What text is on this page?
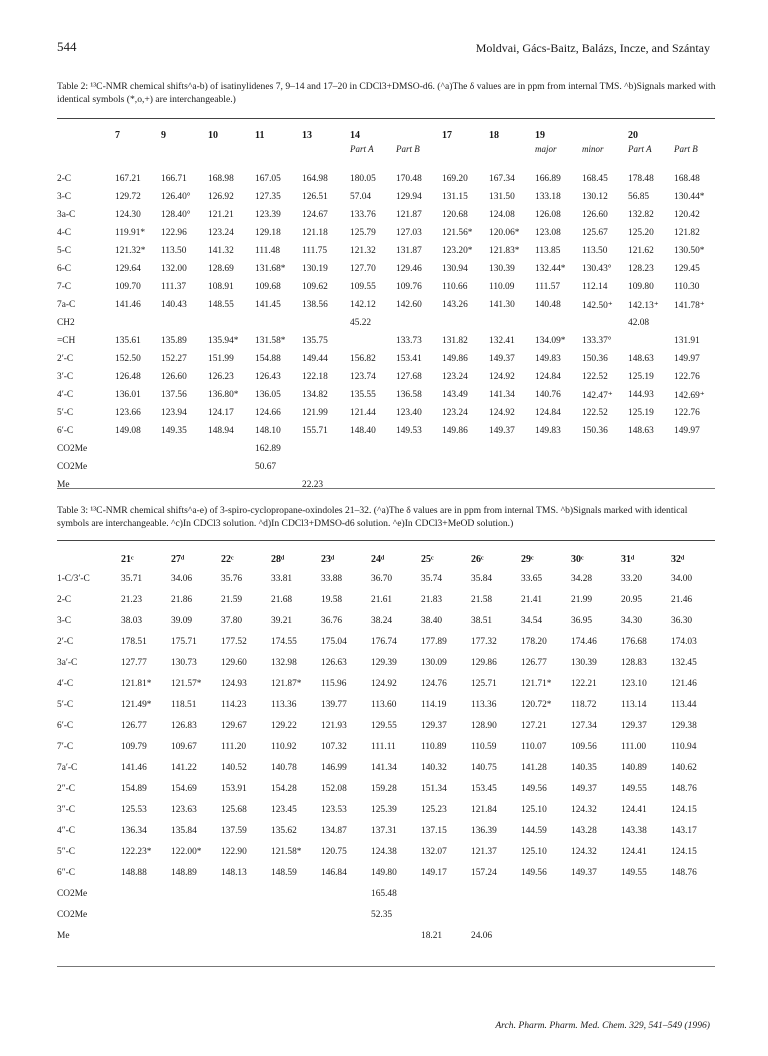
544	Moldvai, Gács-Baitz, Balázs, Incze, and Szántay
Table 2: ¹³C-NMR chemical shifts^a-b) of isatinylidenes 7, 9–14 and 17–20 in CDCl3+DMSO-d6. (^a)The δ values are in ppm from internal TMS. ^b)Signals marked with identical symbols (*,o,+) are interchangeable.)
	7	9	10	11	13	14		17	18	19		20	
						Part A	Part B			major	minor	Part A	Part B
2-C	167.21	166.71	168.98	167.05	164.98	180.05	170.48	169.20	167.34	166.89	168.45	178.48	168.48
3-C	129.72	126.40°	126.92	127.35	126.51	57.04	129.94	131.15	131.50	133.18	130.12	56.85	130.44*
3a-C	124.30	128.40°	121.21	123.39	124.67	133.76	121.87	120.68	124.08	126.08	126.60	132.82	120.42
4-C	119.91*	122.96	123.24	129.18	121.18	125.79	127.03	121.56*	120.06*	123.08	125.67	125.20	121.82
5-C	121.32*	113.50	141.32	111.48	111.75	121.32	131.87	123.20*	121.83*	113.85	113.50	121.62	130.50*
6-C	129.64	132.00	128.69	131.68*	130.19	127.70	129.46	130.94	130.39	132.44*	130.43°	128.23	129.45
7-C	109.70	111.37	108.91	109.68	109.62	109.55	109.76	110.66	110.09	111.57	112.14	109.80	110.30
7a-C	141.46	140.43	148.55	141.45	138.56	142.12	142.60	143.26	141.30	140.48	142.50⁺	142.13⁺	141.78⁺
CH2						45.22						42.08	
=CH	135.61	135.89	135.94*	131.58*	135.75		133.73	131.82	132.41	134.09*	133.37°		131.91
2′-C	152.50	152.27	151.99	154.88	149.44	156.82	153.41	149.86	149.37	149.83	150.36	148.63	149.97
3′-C	126.48	126.60	126.23	126.43	122.18	123.74	127.68	123.24	124.92	124.84	122.52	125.19	122.76
4′-C	136.01	137.56	136.80*	136.05	134.82	135.55	136.58	143.49	141.34	140.76	142.47⁺	144.93	142.69⁺
5′-C	123.66	123.94	124.17	124.66	121.99	121.44	123.40	123.24	124.92	124.84	122.52	125.19	122.76
6′-C	149.08	149.35	148.94	148.10	155.71	148.40	149.53	149.86	149.37	149.83	150.36	148.63	149.97
CO2Me				162.89									
CO2Me				50.67									
Me					22.23								
Table 3: ¹³C-NMR chemical shifts^a-e) of 3-spiro-cyclopropane-oxindoles 21–32. (^a)The δ values are in ppm from internal TMS. ^b)Signals marked with identical symbols are interchangeable. ^c)In CDCl3 solution. ^d)In CDCl3+DMSO-d6 solution. ^e)In CDCl3+MeOD solution.)
	21ᶜ	27ᵈ	22ᶜ	28ᵈ	23ᵈ	24ᵈ	25ᶜ	26ᶜ	29ᶜ	30ᶜ	31ᵈ	32ᵈ
1-C/3′-C	35.71	34.06	35.76	33.81	33.88	36.70	35.74	35.84	33.65	34.28	33.20	34.00
2-C	21.23	21.86	21.59	21.68	19.58	21.61	21.83	21.58	21.41	21.99	20.95	21.46
3-C	38.03	39.09	37.80	39.21	36.76	38.24	38.40	38.51	34.54	36.95	34.30	36.30
2′-C	178.51	175.71	177.52	174.55	175.04	176.74	177.89	177.32	178.20	174.46	176.68	174.03
3a′-C	127.77	130.73	129.60	132.98	126.63	129.39	130.09	129.86	126.77	130.39	128.83	132.45
4′-C	121.81*	121.57*	124.93	121.87*	115.96	124.92	124.76	125.71	121.71*	122.21	123.10	121.46
5′-C	121.49*	118.51	114.23	113.36	139.77	113.60	114.19	113.36	120.72*	118.72	113.14	113.44
6′-C	126.77	126.83	129.67	129.22	121.93	129.55	129.37	128.90	127.21	127.34	129.37	129.38
7′-C	109.79	109.67	111.20	110.92	107.32	111.11	110.89	110.59	110.07	109.56	111.00	110.94
7a′-C	141.46	141.22	140.52	140.78	146.99	141.34	140.32	140.75	141.28	140.35	140.89	140.62
2″-C	154.89	154.69	153.91	154.28	152.08	159.28	151.34	153.45	149.56	149.37	149.55	148.76
3″-C	125.53	123.63	125.68	123.45	123.53	125.39	125.23	121.84	125.10	124.32	124.41	124.15
4″-C	136.34	135.84	137.59	135.62	134.87	137.31	137.15	136.39	144.59	143.28	143.38	143.17
5″-C	122.23*	122.00*	122.90	121.58*	120.75	124.38	132.07	121.37	125.10	124.32	124.41	124.15
6″-C	148.88	148.89	148.13	148.59	146.84	149.80	149.17	157.24	149.56	149.37	149.55	148.76
CO2Me						165.48						
CO2Me						52.35						
Me							18.21	24.06				
Arch. Pharm. Pharm. Med. Chem. 329, 541–549 (1996)
